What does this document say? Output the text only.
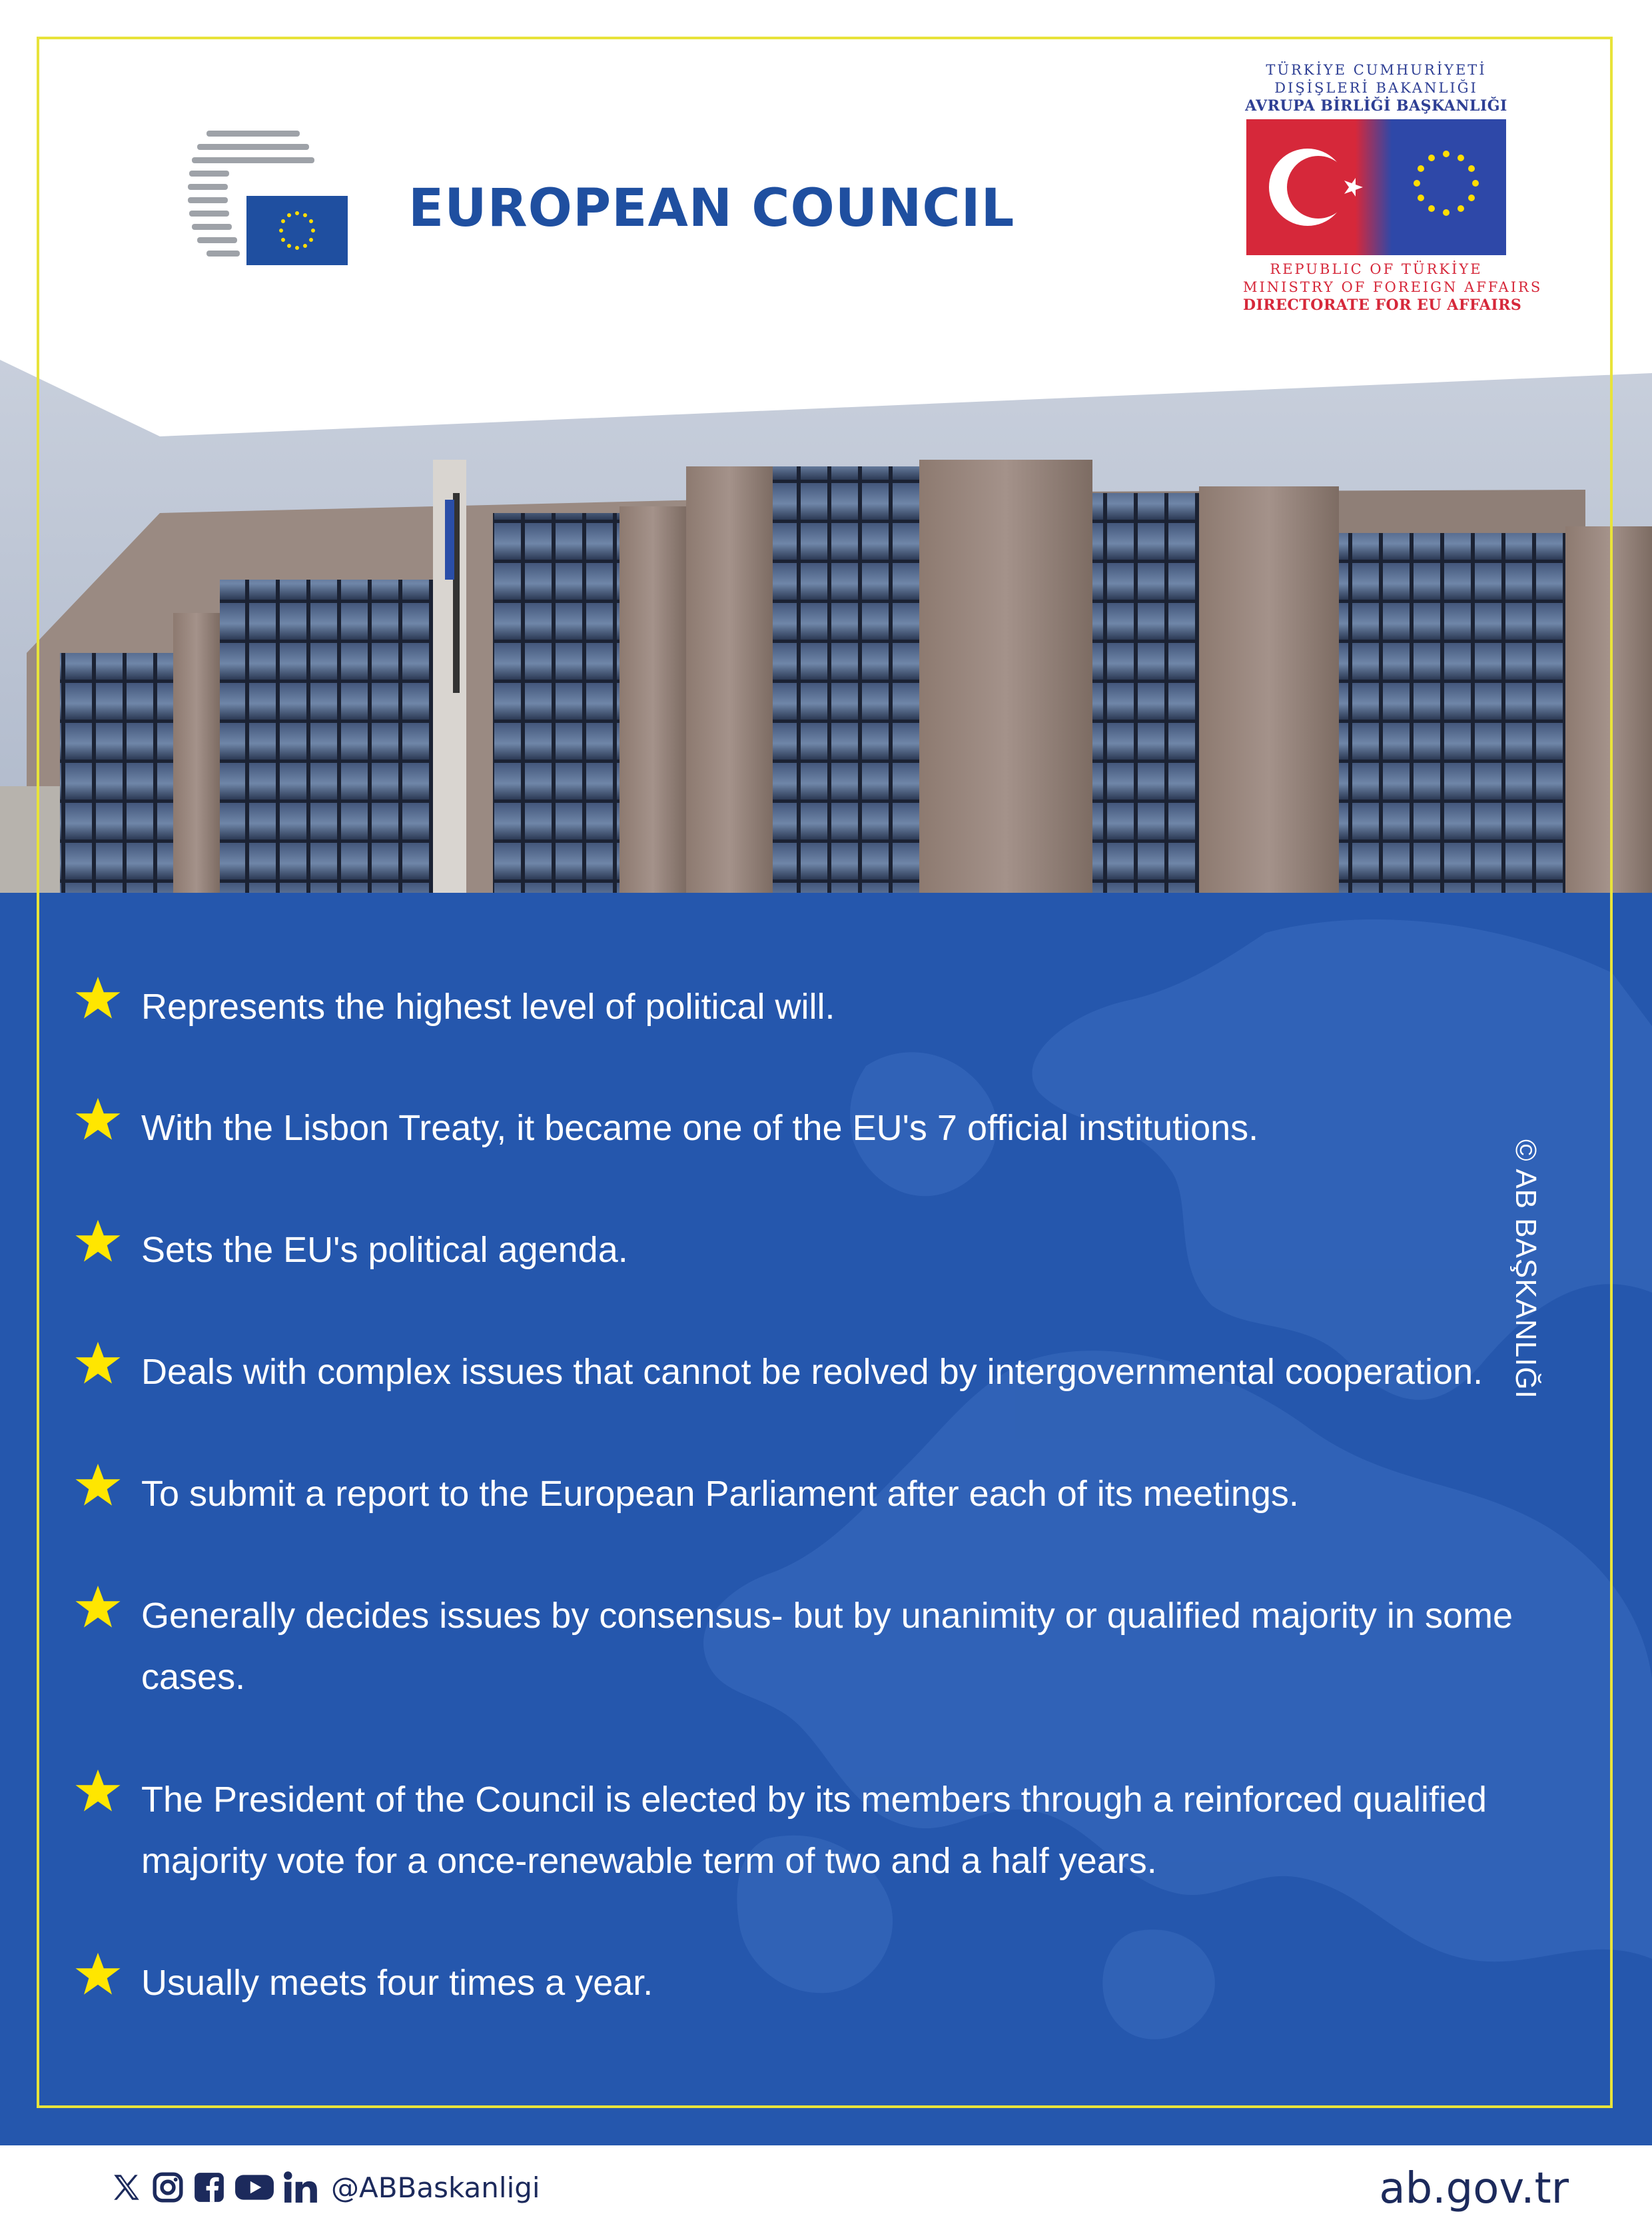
EUROPEAN COUNCIL
TÜRKİYE CUMHURİYETİ
DIŞİŞLERİ BAKANLIĞI
AVRUPA BİRLİĞİ BAŞKANLIĞI
REPUBLIC OF TÜRKİYE
MINISTRY OF FOREIGN AFFAIRS
DIRECTORATE FOR EU AFFAIRS
Represents the highest level of political will.
With the Lisbon Treaty, it became one of the EU's 7 official institutions.
Sets the EU's political agenda.
Deals with complex issues that cannot be reolved by intergovernmental cooperation.
To submit a report to the European Parliament after each of its meetings.
Generally decides issues by consensus- but by unanimity or qualified majority in some cases.
The President of the Council is elected by its members through a reinforced qualified majority vote for a once-renewable term of two and a half years.
Usually meets four times a year.
© AB BAŞKANLIĞI
@ABBaskanligi	ab.gov.tr
